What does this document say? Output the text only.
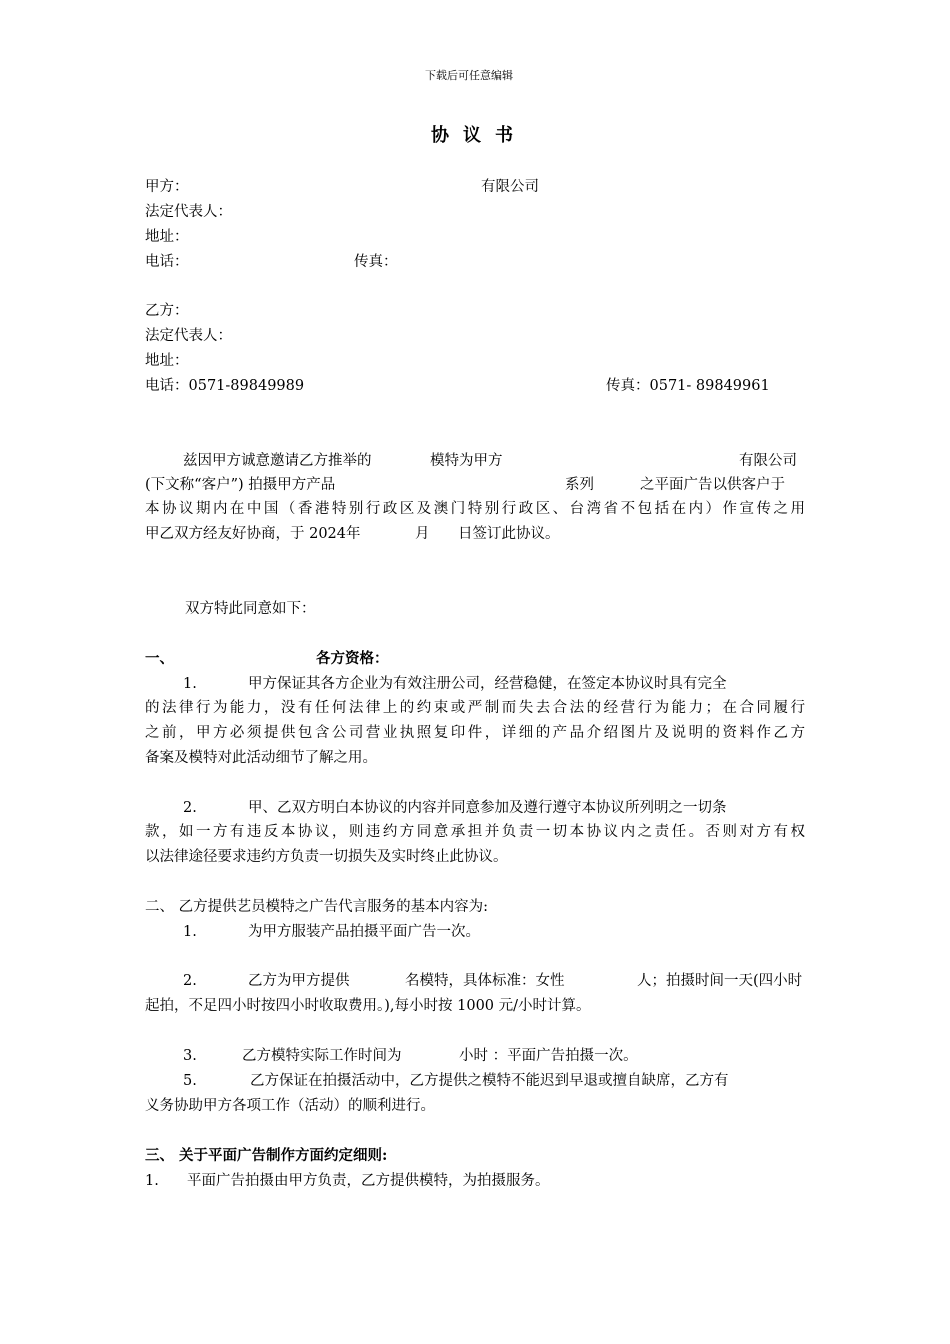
下载后可任意编辑
协议书
甲方：	有限公司
法定代表人：
地址：
电话：	传真：
乙方：
法定代表人：
地址：
电话：0571-89849989	传真：0571- 89849961
兹因甲方诚意邀请乙方推举的	模特为甲方	有限公司
(下文称“客户”) 拍摄甲方产品	系列	之平面广告以供客户于
本协议期内在中国（香港特别行政区及澳门特别行政区、台湾省不包括在内）作宣传之用
甲乙双方经友好协商，于 2024年	月 日签订此协议。
双方特此同意如下：
一、	各方资格：
1.	甲方保证其各方企业为有效注册公司，经营稳健，在签定本协议时具有完全
的法律行为能力，没有任何法律上的约束或严制而失去合法的经营行为能力；在合同履行
之前，甲方必须提供包含公司营业执照复印件，详细的产品介绍图片及说明的资料作乙方
备案及模特对此活动细节了解之用。
2.	甲、乙双方明白本协议的内容并同意参加及遵行遵守本协议所列明之一切条
款，如一方有违反本协议，则违约方同意承担并负责一切本协议内之责任。否则对方有权
以法律途径要求违约方负责一切损失及实时终止此协议。
二、 乙方提供艺员模特之广告代言服务的基本内容为:
1.	为甲方服装产品拍摄平面广告一次。
2.	乙方为甲方提供	名模特，具体标准：女性	人；拍摄时间一天(四小时
起拍，不足四小时按四小时收取费用。),每小时按 1000 元/小时计算。
3.	乙方模特实际工作时间为	小时 ：平面广告拍摄一次。
5.	乙方保证在拍摄活动中，乙方提供之模特不能迟到早退或擅自缺席，乙方有
义务协助甲方各项工作（活动）的顺利进行。
三、 关于平面广告制作方面约定细则:
1. 平面广告拍摄由甲方负责，乙方提供模特，为拍摄服务。
